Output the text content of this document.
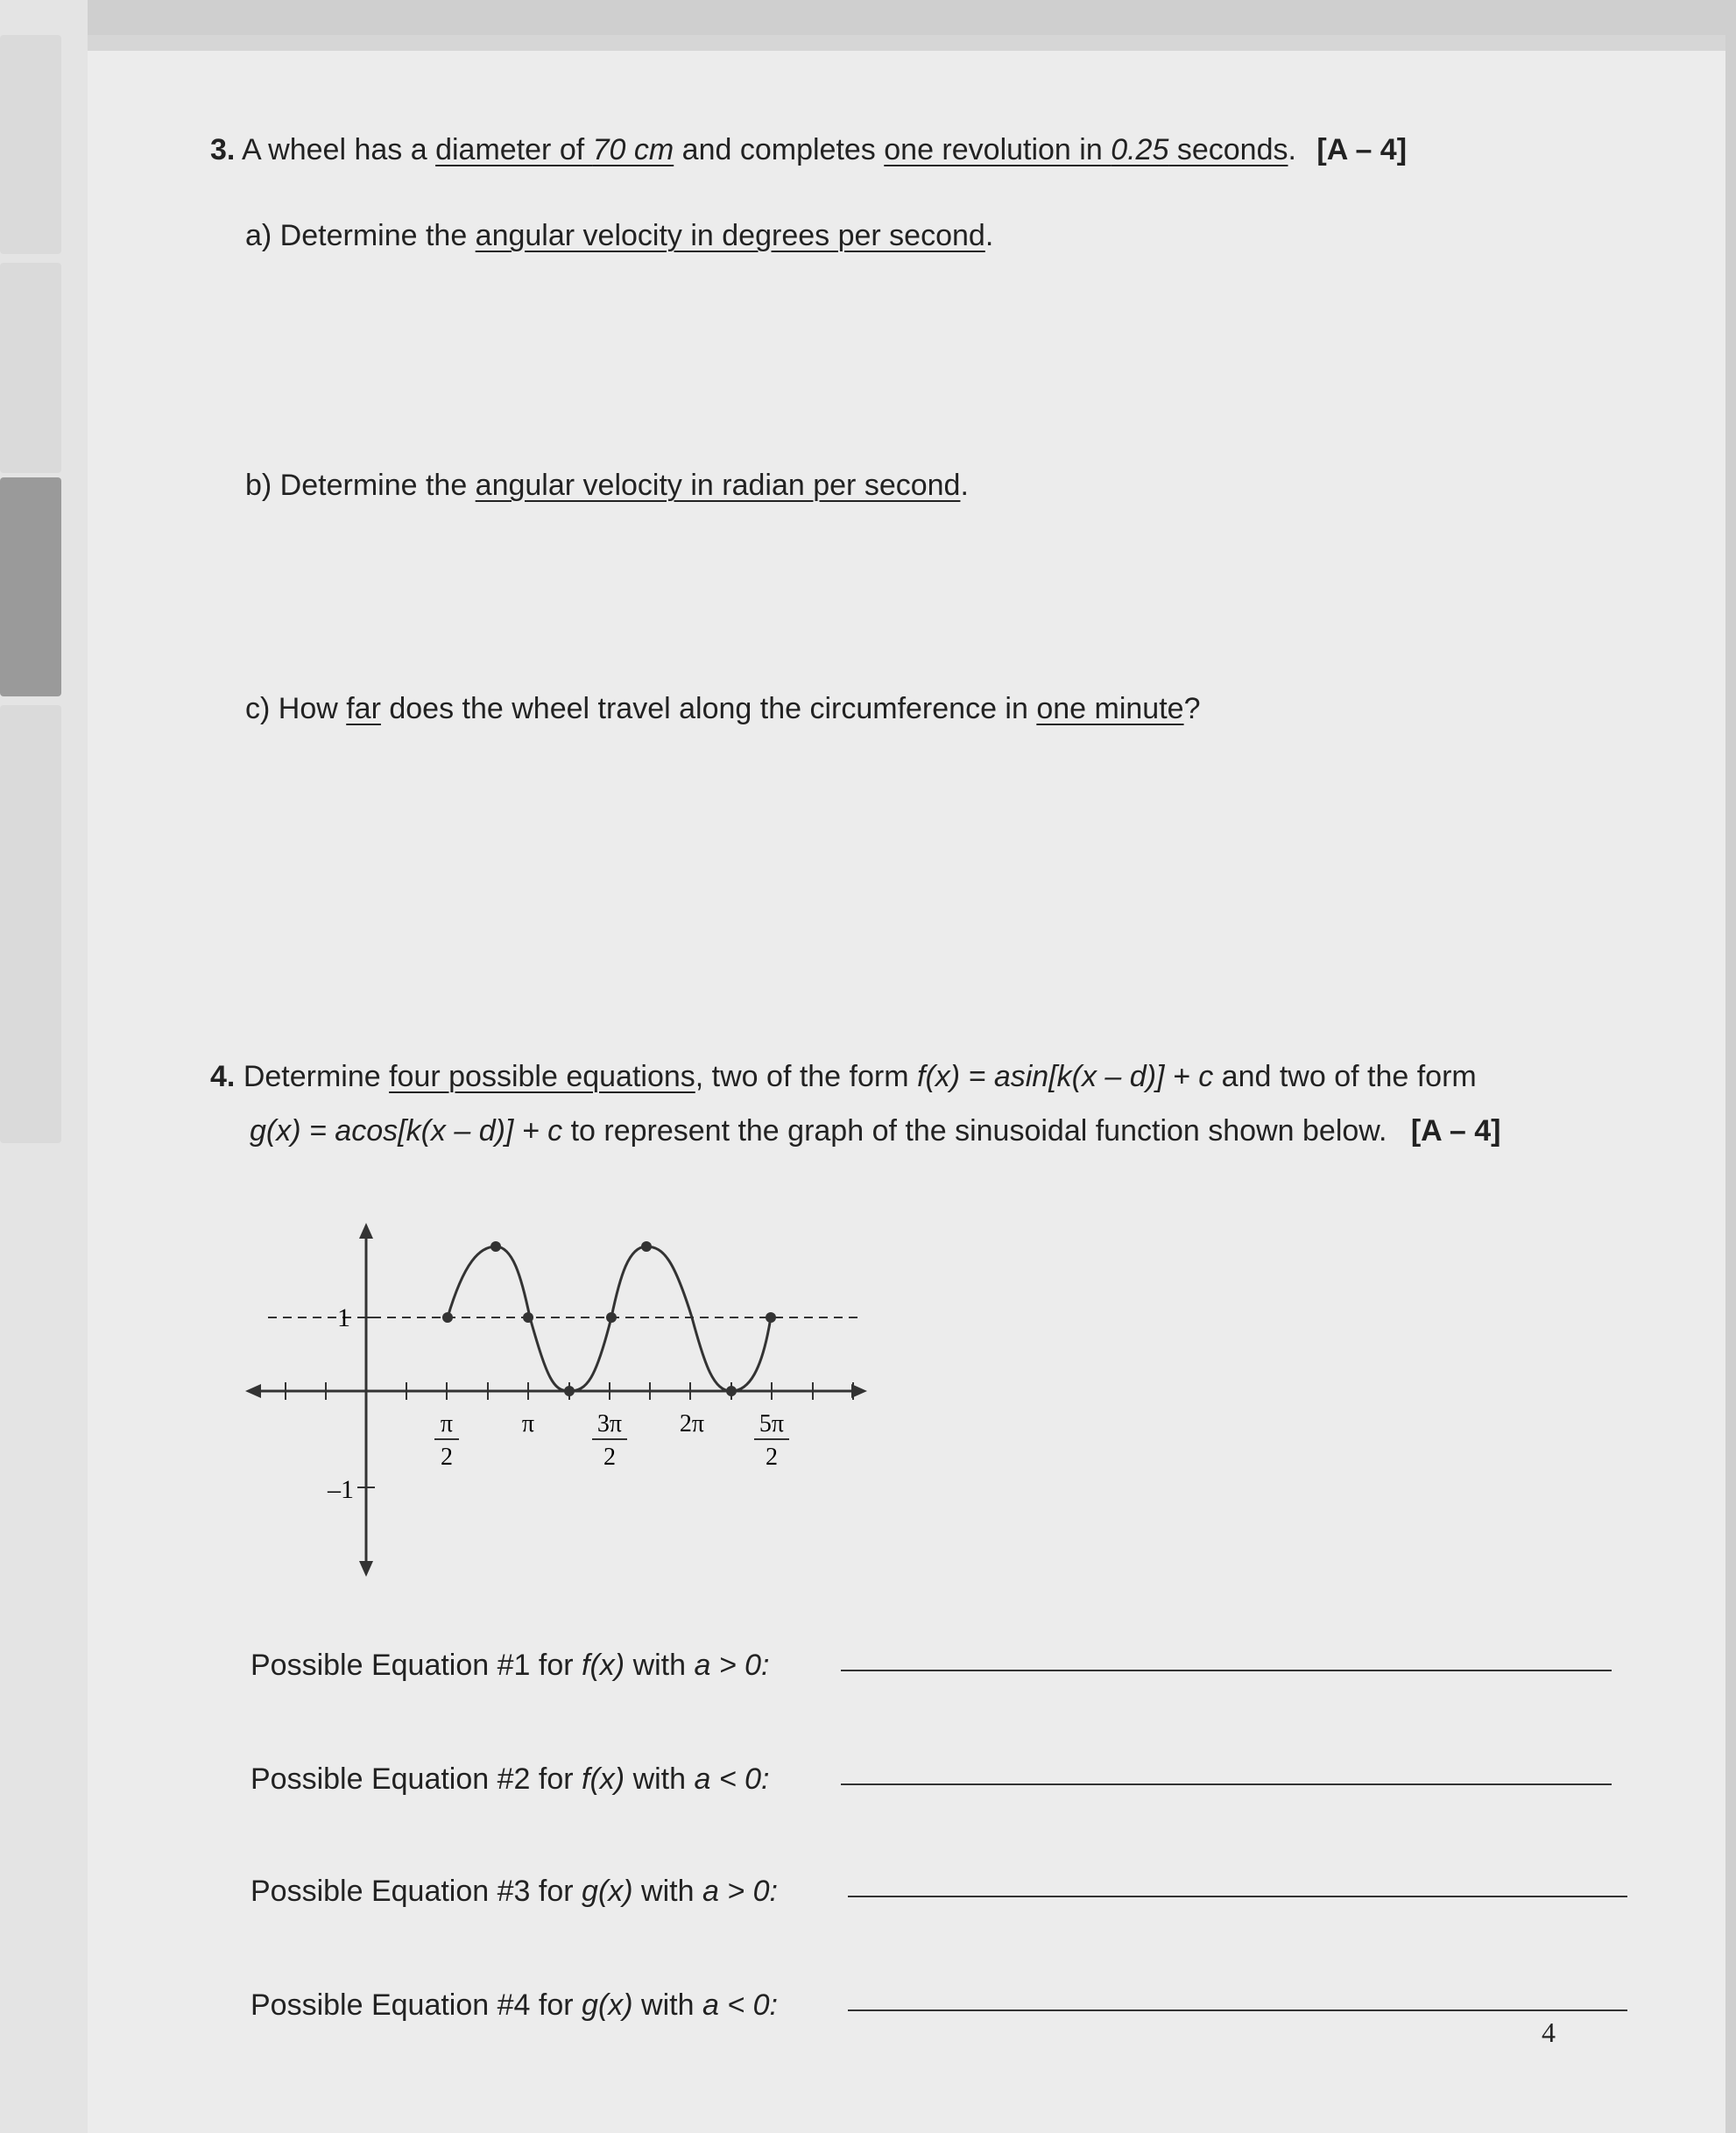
3. A wheel has a diameter of 70 cm and completes one revolution in 0.25 seconds. [A – 4]
a) Determine the angular velocity in degrees per second.
b) Determine the angular velocity in radian per second.
c) How far does the wheel travel along the circumference in one minute?
4. Determine four possible equations, two of the form f(x) = asin[k(x – d)] + c and two of the form
g(x) = acos[k(x – d)] + c to represent the graph of the sinusoidal function shown below. [A – 4]
1
–1
π
2
π	3π
2
2π 5π
2
Possible Equation #1 for f(x) with a > 0:
Possible Equation #2 for f(x) with a < 0:
Possible Equation #3 for g(x) with a > 0:
Possible Equation #4 for g(x) with a < 0:
4
